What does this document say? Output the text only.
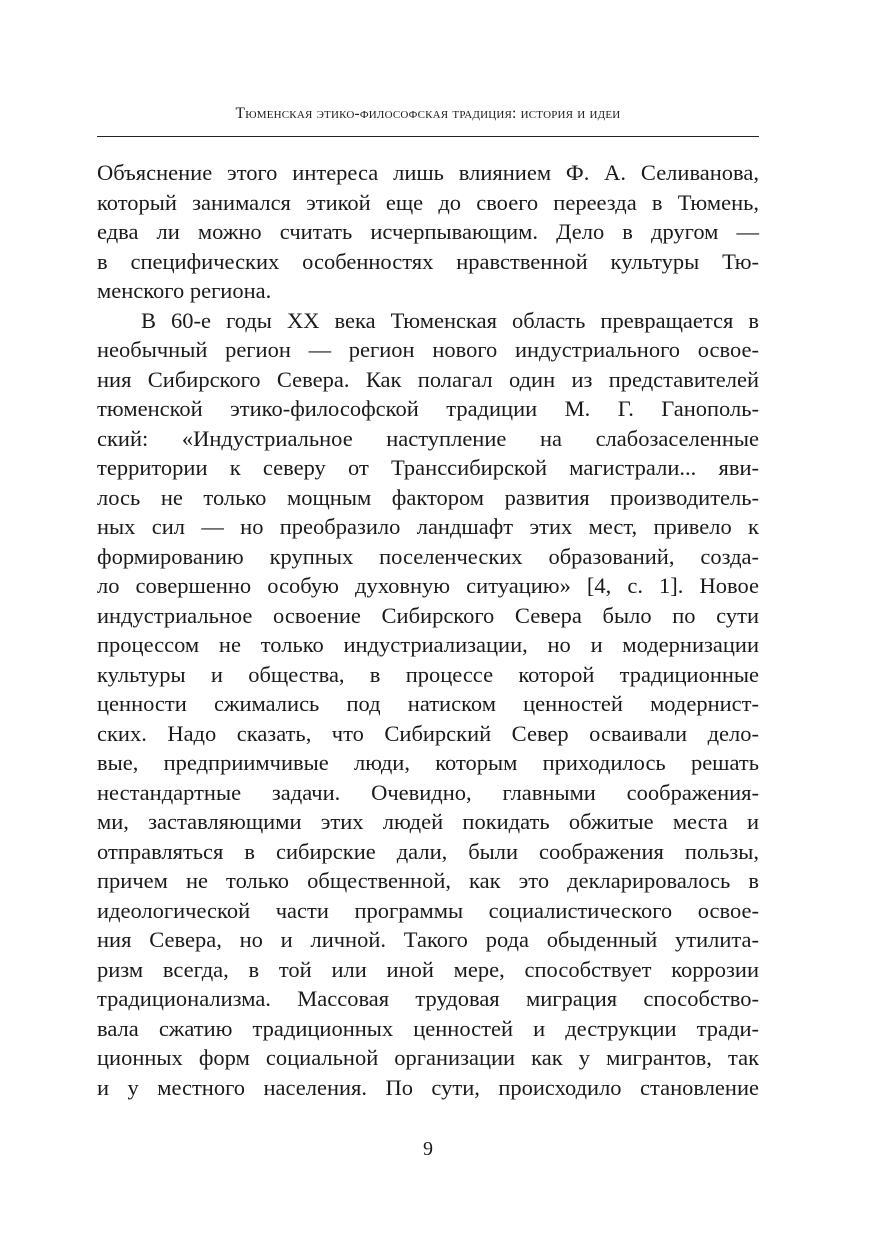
Тюменская этико-философская традиция: история и идеи
Объяснение этого интереса лишь влиянием Ф. А. Селиванова,
который занимался этикой еще до своего переезда в Тюмень,
едва ли можно считать исчерпывающим. Дело в другом —
в специфических особенностях нравственной культуры Тю-
менского региона.
В 60-е годы XX века Тюменская область превращается в
необычный регион — регион нового индустриального освое-
ния Сибирского Севера. Как полагал один из представителей
тюменской этико-философской традиции М. Г. Ганополь-
ский: «Индустриальное наступление на слабозаселенные
территории к северу от Транссибирской магистрали... яви-
лось не только мощным фактором развития производитель-
ных сил — но преобразило ландшафт этих мест, привело к
формированию крупных поселенческих образований, созда-
ло совершенно особую духовную ситуацию» [4, с. 1]. Новое
индустриальное освоение Сибирского Севера было по сути
процессом не только индустриализации, но и модернизации
культуры и общества, в процессе которой традиционные
ценности сжимались под натиском ценностей модернист-
ских. Надо сказать, что Сибирский Север осваивали дело-
вые, предприимчивые люди, которым приходилось решать
нестандартные задачи. Очевидно, главными соображения-
ми, заставляющими этих людей покидать обжитые места и
отправляться в сибирские дали, были соображения пользы,
причем не только общественной, как это декларировалось в
идеологической части программы социалистического освое-
ния Севера, но и личной. Такого рода обыденный утилита-
ризм всегда, в той или иной мере, способствует коррозии
традиционализма. Массовая трудовая миграция способство-
вала сжатию традиционных ценностей и деструкции тради-
ционных форм социальной организации как у мигрантов, так
и у местного населения. По сути, происходило становление
9
